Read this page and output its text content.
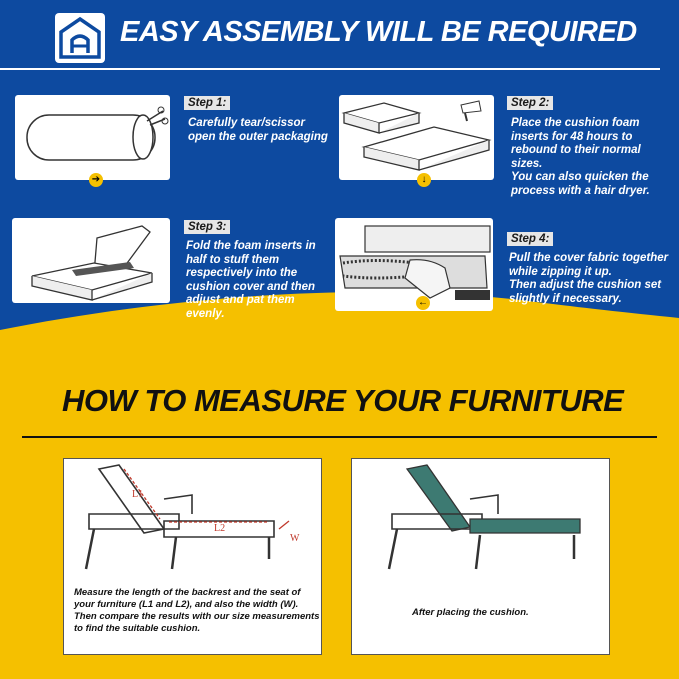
EASY ASSEMBLY WILL BE REQUIRED
➔
Step 1:
Carefully tear/scissor
open the outer packaging
↓
Step 2:
Place the cushion foam
inserts for 48 hours to
rebound to their normal
sizes.
You can also quicken the
process with a hair dryer.
Step 3:
Fold the foam inserts in
half to stuff them
respectively into the
cushion cover and then
adjust and pat them
evenly.
←
Step 4:
Pull the cover fabric together
while zipping it up.
Then adjust the cushion set
slightly if necessary.
HOW TO MEASURE YOUR FURNITURE
L1
L2
W
Measure the length of the backrest and the seat of
your furniture (L1 and L2), and also the width (W).
Then compare the results with our size measurements
to find the suitable cushion.
After placing the cushion.
